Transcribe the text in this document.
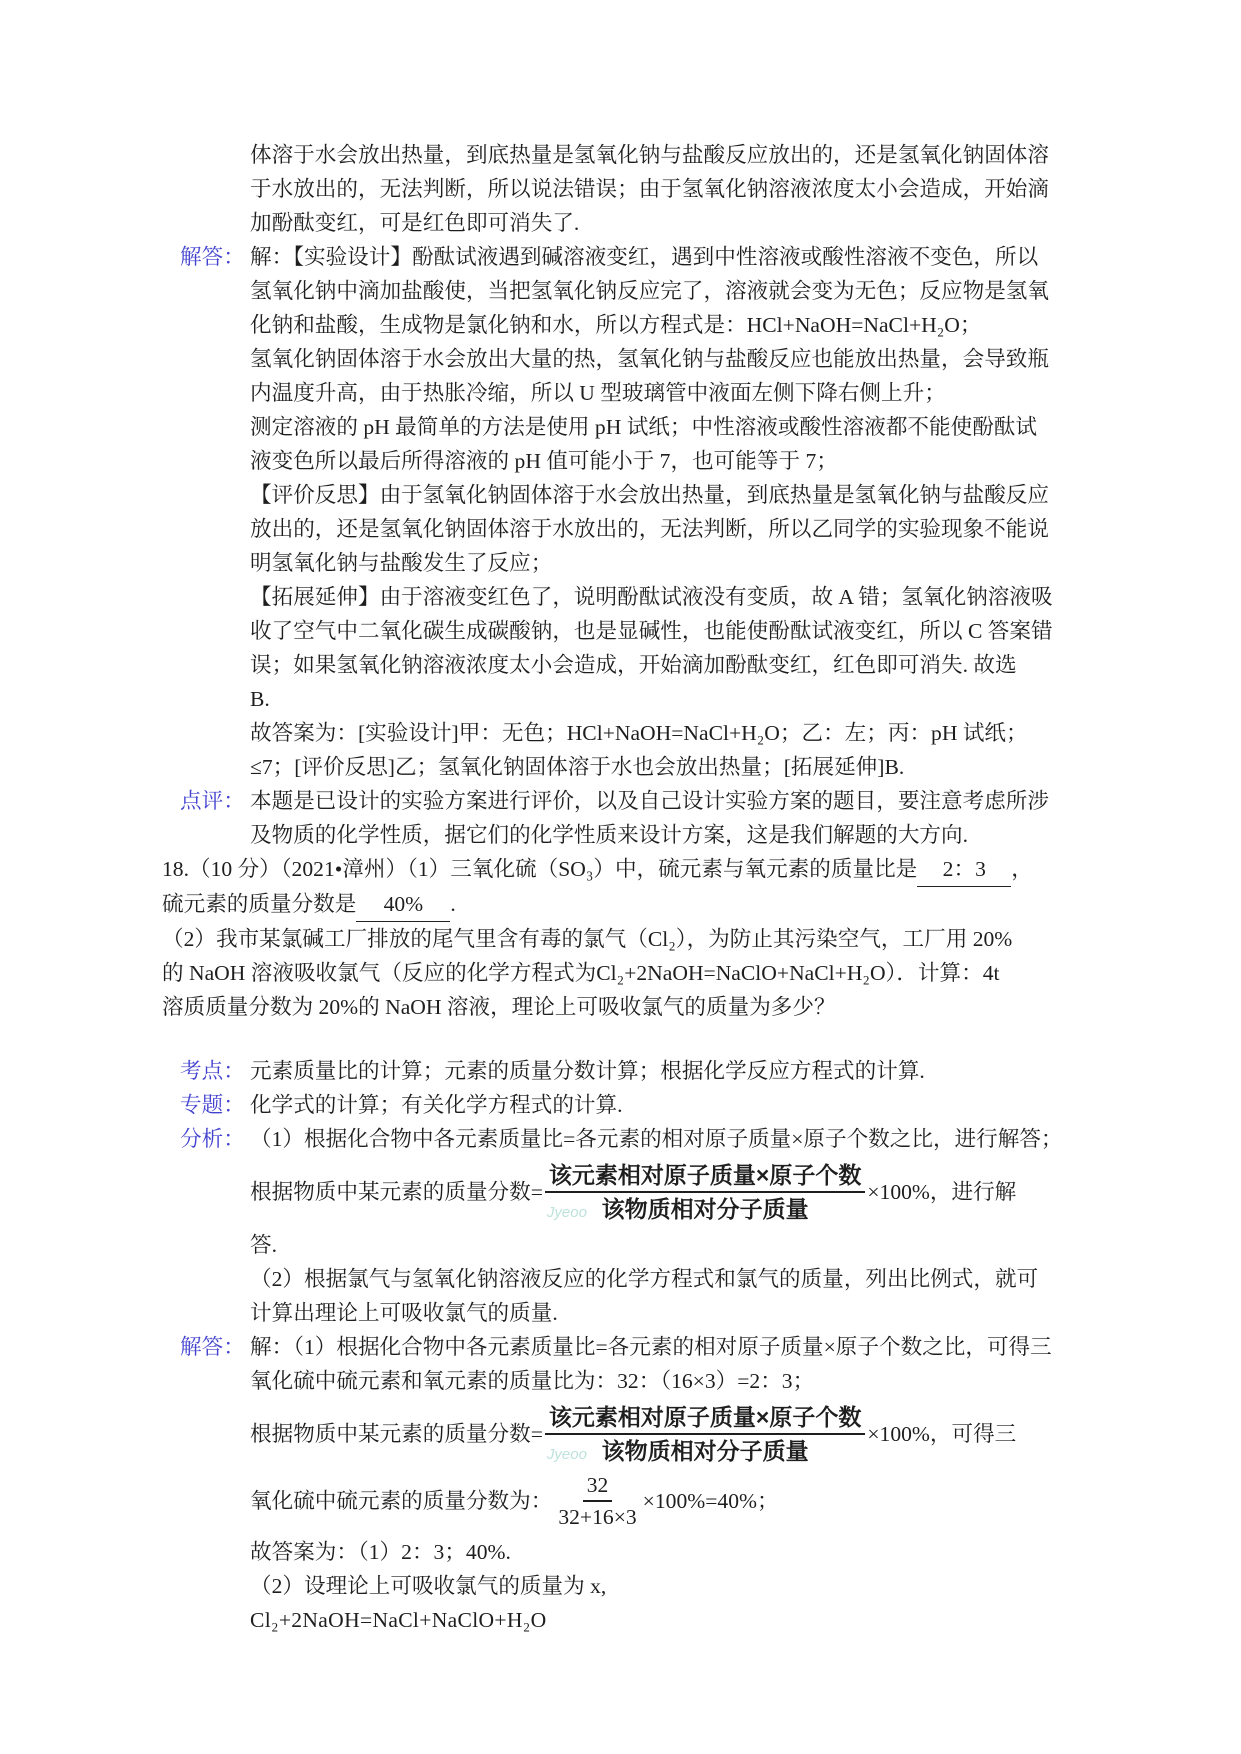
体溶于水会放出热量，到底热量是氢氧化钠与盐酸反应放出的，还是氢氧化钠固体溶
于水放出的，无法判断，所以说法错误；由于氢氧化钠溶液浓度太小会造成，开始滴
加酚酞变红，可是红色即可消失了.
解答： 解：【实验设计】酚酞试液遇到碱溶液变红，遇到中性溶液或酸性溶液不变色，所以
氢氧化钠中滴加盐酸使，当把氢氧化钠反应完了，溶液就会变为无色；反应物是氢氧
化钠和盐酸，生成物是氯化钠和水，所以方程式是：HCl+NaOH=NaCl+H₂O；
氢氧化钠固体溶于水会放出大量的热，氢氧化钠与盐酸反应也能放出热量，会导致瓶
内温度升高，由于热胀冷缩，所以 U 型玻璃管中液面左侧下降右侧上升；
测定溶液的 pH 最简单的方法是使用 pH 试纸；中性溶液或酸性溶液都不能使酚酞试
液变色所以最后所得溶液的 pH 值可能小于 7，也可能等于 7；
【评价反思】由于氢氧化钠固体溶于水会放出热量，到底热量是氢氧化钠与盐酸反应
放出的，还是氢氧化钠固体溶于水放出的，无法判断，所以乙同学的实验现象不能说
明氢氧化钠与盐酸发生了反应；
【拓展延伸】由于溶液变红色了，说明酚酞试液没有变质，故 A 错；氢氧化钠溶液吸
收了空气中二氧化碳生成碳酸钠，也是显碱性，也能使酚酞试液变红，所以 C 答案错
误；如果氢氧化钠溶液浓度太小会造成，开始滴加酚酞变红，红色即可消失. 故选
B.
故答案为：[实验设计]甲：无色；HCl+NaOH=NaCl+H₂O；乙：左；丙：pH 试纸；
≤7；[评价反思]乙；氢氧化钠固体溶于水也会放出热量；[拓展延伸]B.
点评： 本题是已设计的实验方案进行评价，以及自己设计实验方案的题目，要注意考虑所涉
及物质的化学性质，据它们的化学性质来设计方案，这是我们解题的大方向.
18.（10 分）（2021•漳州）（1）三氧化硫（SO₃）中，硫元素与氧元素的质量比是 2：3 ，
硫元素的质量分数是 40% .
（2）我市某氯碱工厂排放的尾气里含有毒的氯气（Cl₂），为防止其污染空气，工厂用 20%
的 NaOH 溶液吸收氯气（反应的化学方程式为Cl₂+2NaOH=NaClO+NaCl+H₂O）．计算：4t
溶质质量分数为 20%的 NaOH 溶液，理论上可吸收氯气的质量为多少？
考点： 元素质量比的计算；元素的质量分数计算；根据化学反应方程式的计算.
专题： 化学式的计算；有关化学方程式的计算.
分析： （1）根据化合物中各元素质量比=各元素的相对原子质量×原子个数之比，进行解答；
根据物质中某元素的质量分数=
该元素相对原子质量×原子个数
该物质相对分子质量
Jyeoo
×100%，进行解
答.
（2）根据氯气与氢氧化钠溶液反应的化学方程式和氯气的质量，列出比例式，就可
计算出理论上可吸收氯气的质量.
解答： 解：（1）根据化合物中各元素质量比=各元素的相对原子质量×原子个数之比，可得三
氧化硫中硫元素和氧元素的质量比为：32：（16×3）=2：3；
根据物质中某元素的质量分数=
该元素相对原子质量×原子个数
该物质相对分子质量
Jyeoo
×100%，可得三
氧化硫中硫元素的质量分数为： $\frac{32}{32+16\times 3} \times 100\%=40\%$；
故答案为：（1）2：3；40%.
（2）设理论上可吸收氯气的质量为 x,
Cl₂+2NaOH=NaCl+NaClO+H₂O
